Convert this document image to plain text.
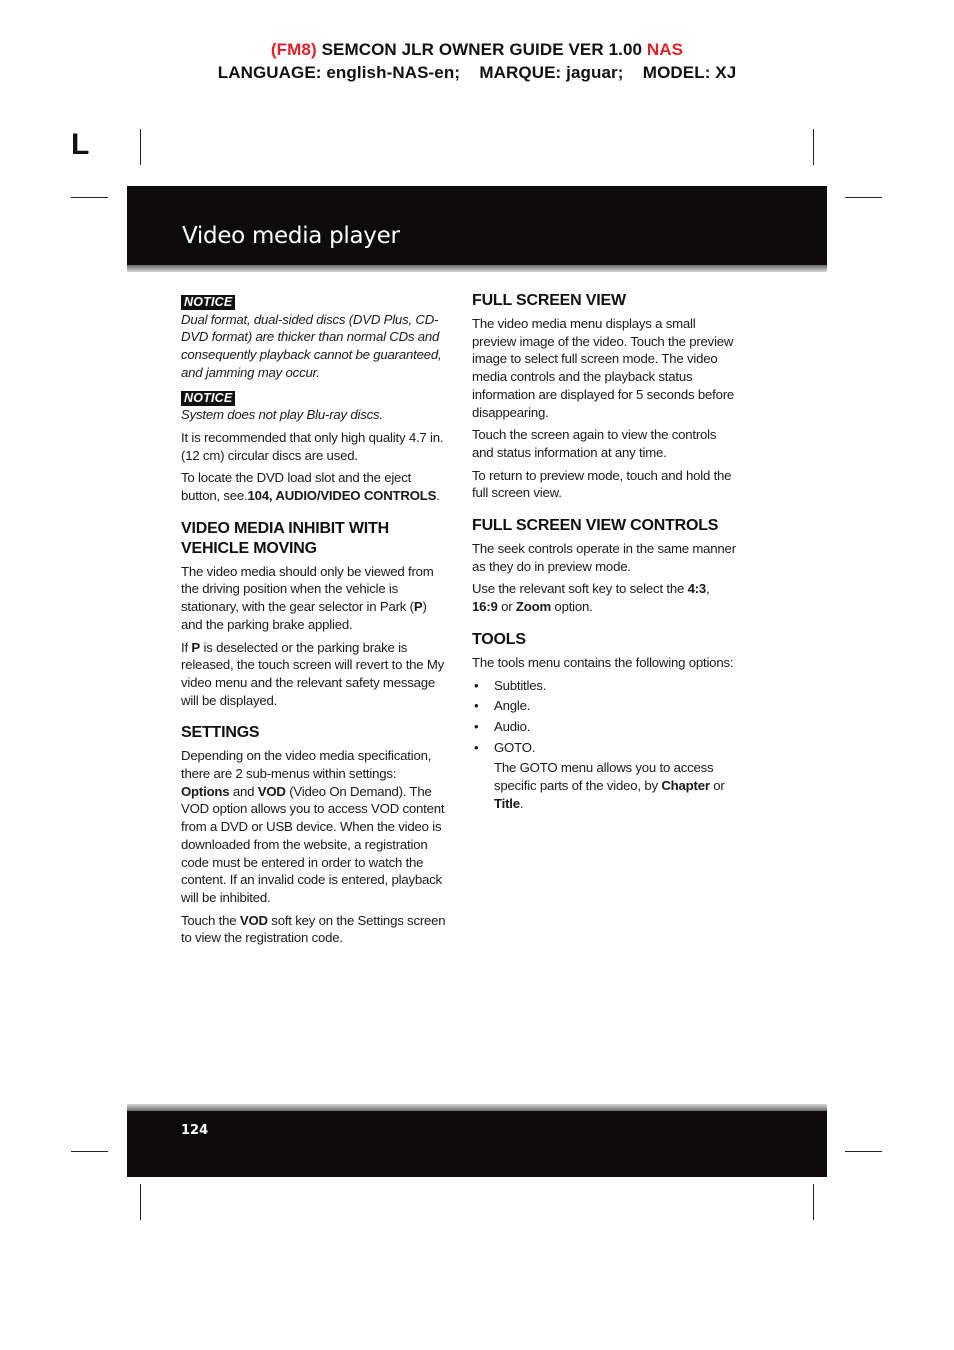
(FM8) SEMCON JLR OWNER GUIDE VER 1.00 NAS
LANGUAGE: english-NAS-en;    MARQUE: jaguar;    MODEL: XJ
L
Video media player
NOTICE

Dual format, dual-sided discs (DVD Plus, CD-DVD format) are thicker than normal CDs and consequently playback cannot be guaranteed, and jamming may occur.

NOTICE

System does not play Blu-ray discs.

It is recommended that only high quality 4.7 in. (12 cm) circular discs are used.

To locate the DVD load slot and the eject button, see.104, AUDIO/VIDEO CONTROLS.

VIDEO MEDIA INHIBIT WITH VEHICLE MOVING

The video media should only be viewed from the driving position when the vehicle is stationary, with the gear selector in Park (P) and the parking brake applied.

If P is deselected or the parking brake is released, the touch screen will revert to the My video menu and the relevant safety message will be displayed.

SETTINGS

Depending on the video media specification, there are 2 sub-menus within settings: Options and VOD (Video On Demand). The VOD option allows you to access VOD content from a DVD or USB device. When the video is downloaded from the website, a registration code must be entered in order to watch the content. If an invalid code is entered, playback will be inhibited.

Touch the VOD soft key on the Settings screen to view the registration code.

FULL SCREEN VIEW

The video media menu displays a small preview image of the video. Touch the preview image to select full screen mode. The video media controls and the playback status information are displayed for 5 seconds before disappearing.

Touch the screen again to view the controls and status information at any time.

To return to preview mode, touch and hold the full screen view.

FULL SCREEN VIEW CONTROLS

The seek controls operate in the same manner as they do in preview mode.

Use the relevant soft key to select the 4:3, 16:9 or Zoom option.

TOOLS

The tools menu contains the following options:

• Subtitles.
• Angle.
• Audio.
• GOTO.

The GOTO menu allows you to access specific parts of the video, by Chapter or Title.

124
